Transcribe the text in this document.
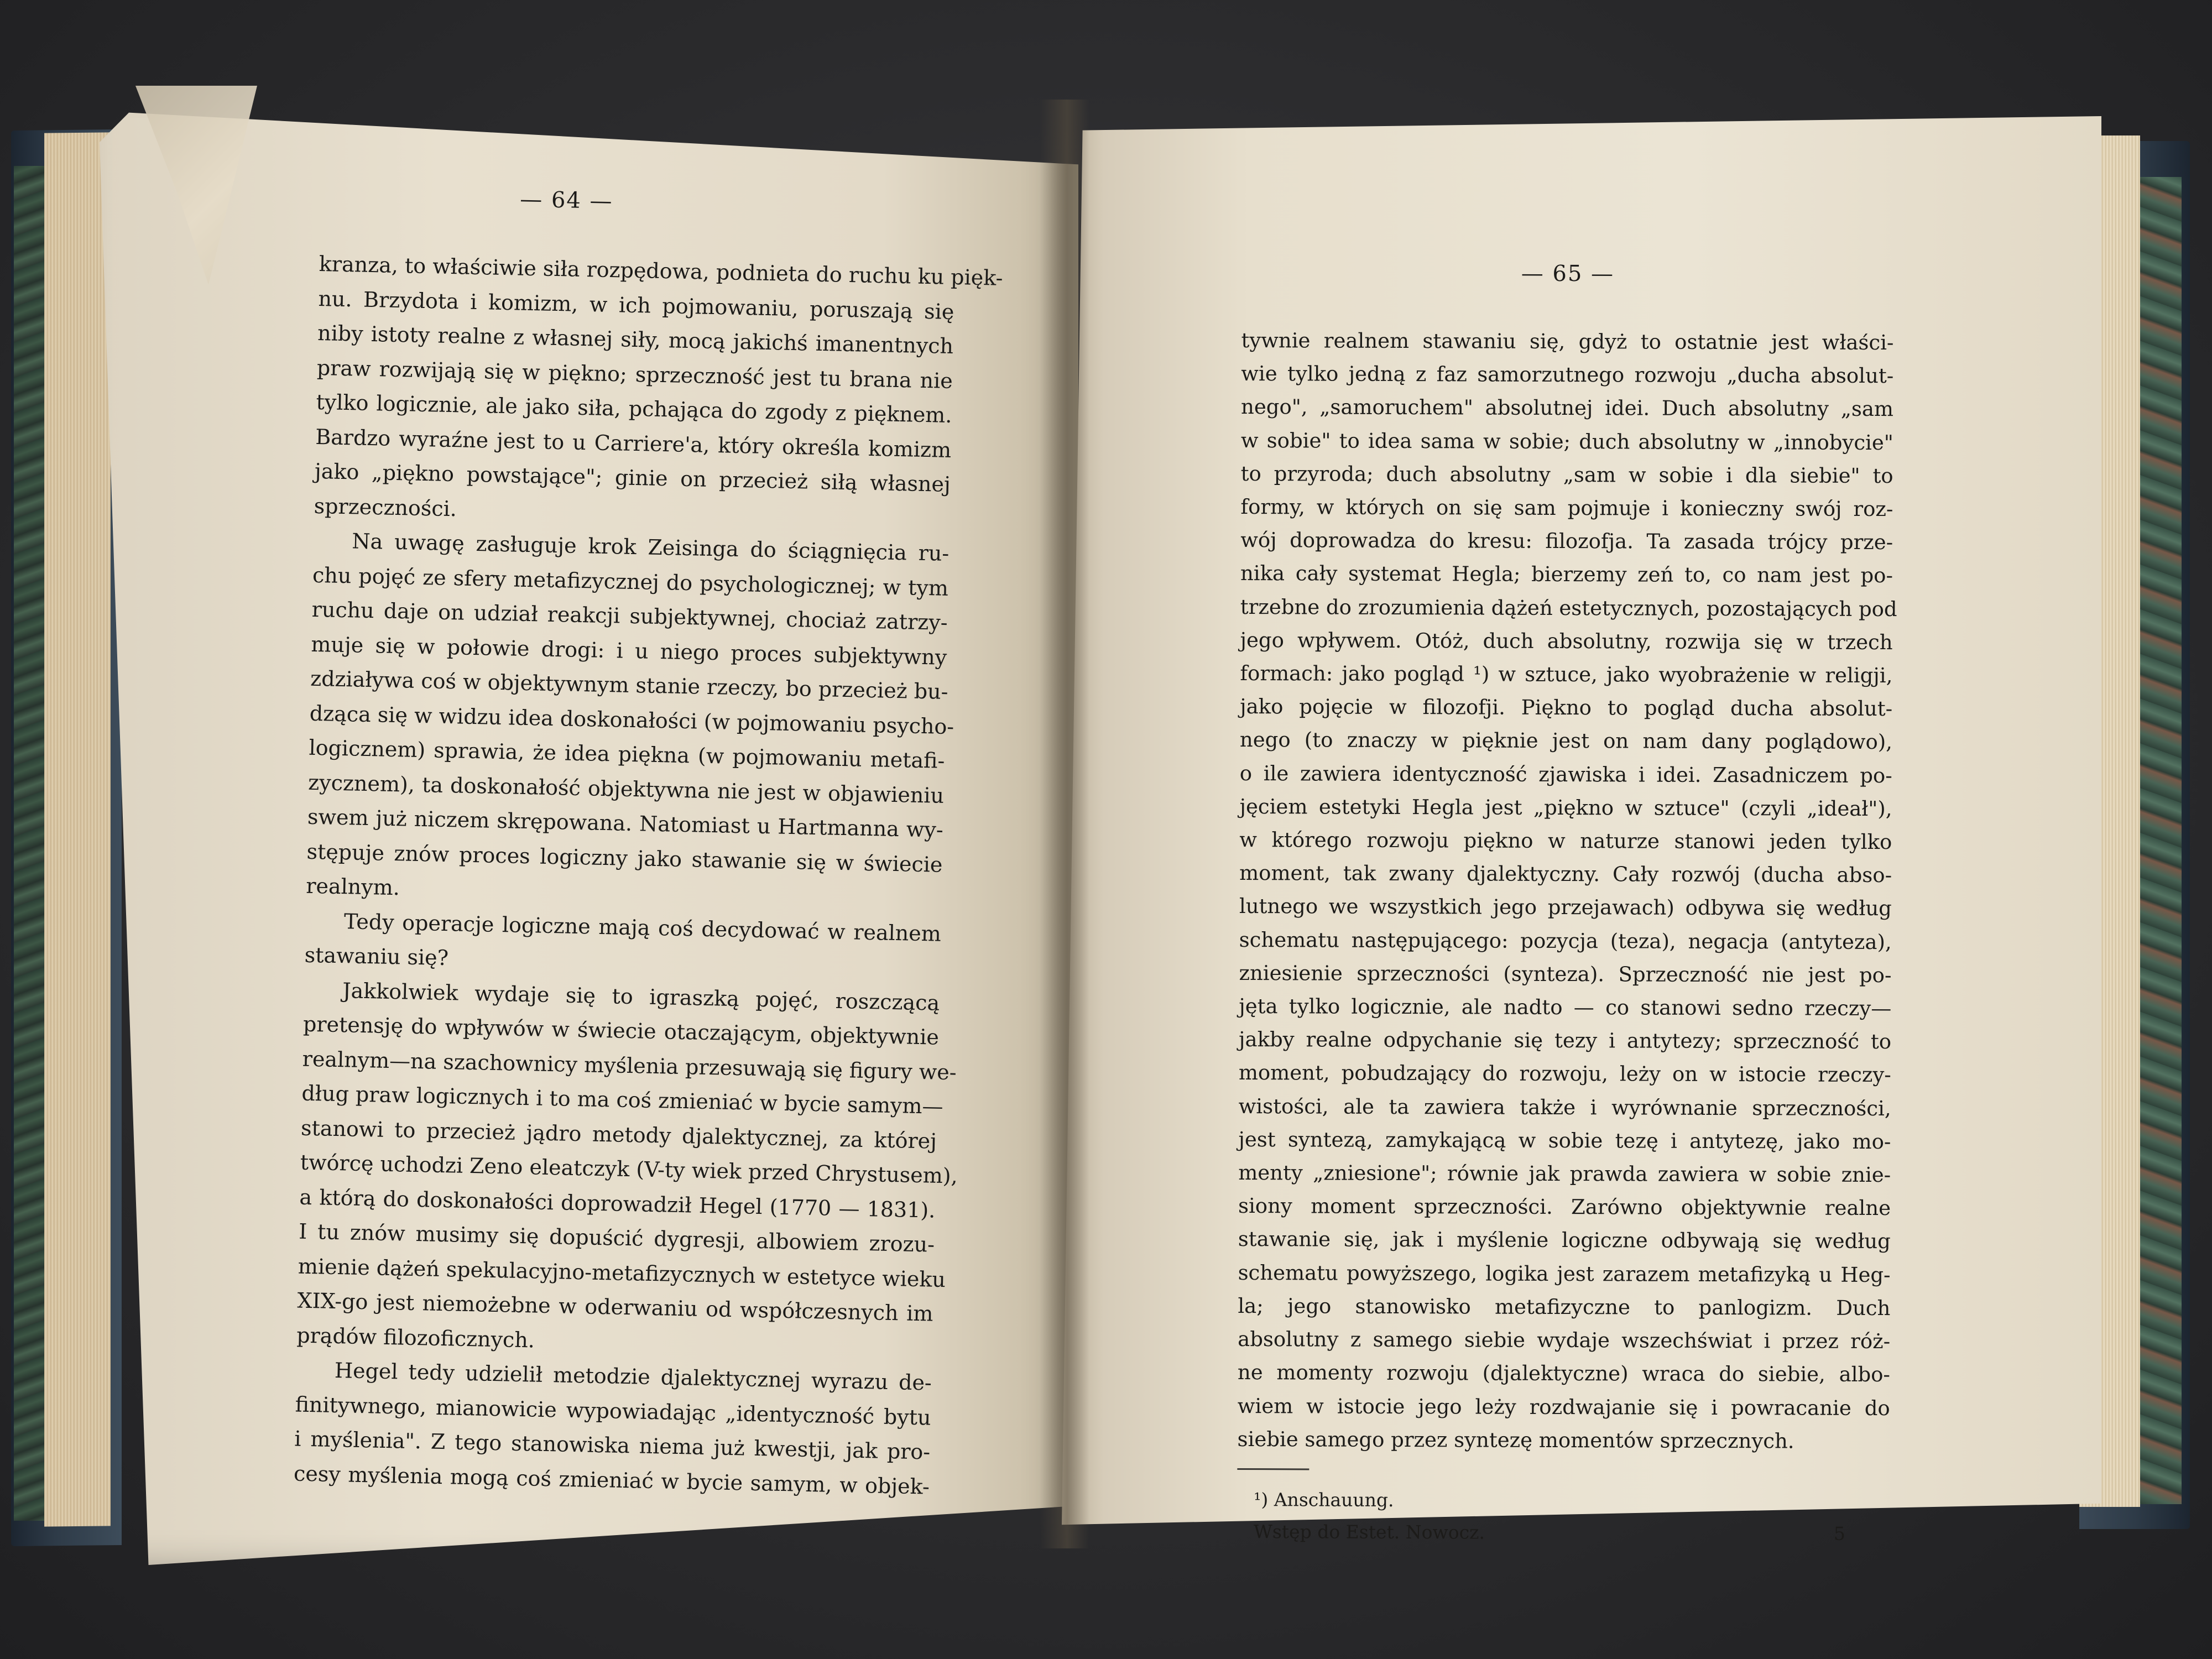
— 64 —
kranza, to właściwie siła rozpędowa, podnieta do ruchu ku pięk-
nu. Brzydota i komizm, w ich pojmowaniu, poruszają się
niby istoty realne z własnej siły, mocą jakichś imanentnych
praw rozwijają się w piękno; sprzeczność jest tu brana nie
tylko logicznie, ale jako siła, pchająca do zgody z pięknem.
Bardzo wyraźne jest to u Carriere'a, który określa komizm
jako „piękno powstające"; ginie on przecież siłą własnej
sprzeczności.
Na uwagę zasługuje krok Zeisinga do ściągnięcia ru-
chu pojęć ze sfery metafizycznej do psychologicznej; w tym
ruchu daje on udział reakcji subjektywnej, chociaż zatrzy-
muje się w połowie drogi: i u niego proces subjektywny
zdziaływa coś w objektywnym stanie rzeczy, bo przecież bu-
dząca się w widzu idea doskonałości (w pojmowaniu psycho-
logicznem) sprawia, że idea piękna (w pojmowaniu metafi-
zycznem), ta doskonałość objektywna nie jest w objawieniu
swem już niczem skrępowana. Natomiast u Hartmanna wy-
stępuje znów proces logiczny jako stawanie się w świecie
realnym.
Tedy operacje logiczne mają coś decydować w realnem
stawaniu się?
Jakkolwiek wydaje się to igraszką pojęć, roszczącą
pretensję do wpływów w świecie otaczającym, objektywnie
realnym—na szachownicy myślenia przesuwają się figury we-
dług praw logicznych i to ma coś zmieniać w bycie samym—
stanowi to przecież jądro metody djalektycznej, za której
twórcę uchodzi Zeno eleatczyk (V-ty wiek przed Chrystusem),
a którą do doskonałości doprowadził Hegel (1770 — 1831).
I tu znów musimy się dopuścić dygresji, albowiem zrozu-
mienie dążeń spekulacyjno-metafizycznych w estetyce wieku
XIX-go jest niemożebne w oderwaniu od współczesnych im
prądów filozoficznych.
Hegel tedy udzielił metodzie djalektycznej wyrazu de-
finitywnego, mianowicie wypowiadając „identyczność bytu
i myślenia". Z tego stanowiska niema już kwestji, jak pro-
cesy myślenia mogą coś zmieniać w bycie samym, w objek-
— 65 —
tywnie realnem stawaniu się, gdyż to ostatnie jest właści-
wie tylko jedną z faz samorzutnego rozwoju „ducha absolut-
nego", „samoruchem" absolutnej idei. Duch absolutny „sam
w sobie" to idea sama w sobie; duch absolutny w „innobycie"
to przyroda; duch absolutny „sam w sobie i dla siebie" to
formy, w których on się sam pojmuje i konieczny swój roz-
wój doprowadza do kresu: filozofja. Ta zasada trójcy prze-
nika cały systemat Hegla; bierzemy zeń to, co nam jest po-
trzebne do zrozumienia dążeń estetycznych, pozostających pod
jego wpływem. Otóż, duch absolutny, rozwija się w trzech
formach: jako pogląd ¹) w sztuce, jako wyobrażenie w religji,
jako pojęcie w filozofji. Piękno to pogląd ducha absolut-
nego (to znaczy w pięknie jest on nam dany poglądowo),
o ile zawiera identyczność zjawiska i idei. Zasadniczem po-
jęciem estetyki Hegla jest „piękno w sztuce" (czyli „ideał"),
w którego rozwoju piękno w naturze stanowi jeden tylko
moment, tak zwany djalektyczny. Cały rozwój (ducha abso-
lutnego we wszystkich jego przejawach) odbywa się według
schematu następującego: pozycja (teza), negacja (antyteza),
zniesienie sprzeczności (synteza). Sprzeczność nie jest po-
jęta tylko logicznie, ale nadto — co stanowi sedno rzeczy—
jakby realne odpychanie się tezy i antytezy; sprzeczność to
moment, pobudzający do rozwoju, leży on w istocie rzeczy-
wistości, ale ta zawiera także i wyrównanie sprzeczności,
jest syntezą, zamykającą w sobie tezę i antytezę, jako mo-
menty „zniesione"; równie jak prawda zawiera w sobie znie-
siony moment sprzeczności. Zarówno objektywnie realne
stawanie się, jak i myślenie logiczne odbywają się według
schematu powyższego, logika jest zarazem metafizyką u Heg-
la; jego stanowisko metafizyczne to panlogizm. Duch
absolutny z samego siebie wydaje wszechświat i przez róż-
ne momenty rozwoju (djalektyczne) wraca do siebie, albo-
wiem w istocie jego leży rozdwajanie się i powracanie do
siebie samego przez syntezę momentów sprzecznych.
¹) Anschauung.
Wstęp do Estet. Nowocz.	5
